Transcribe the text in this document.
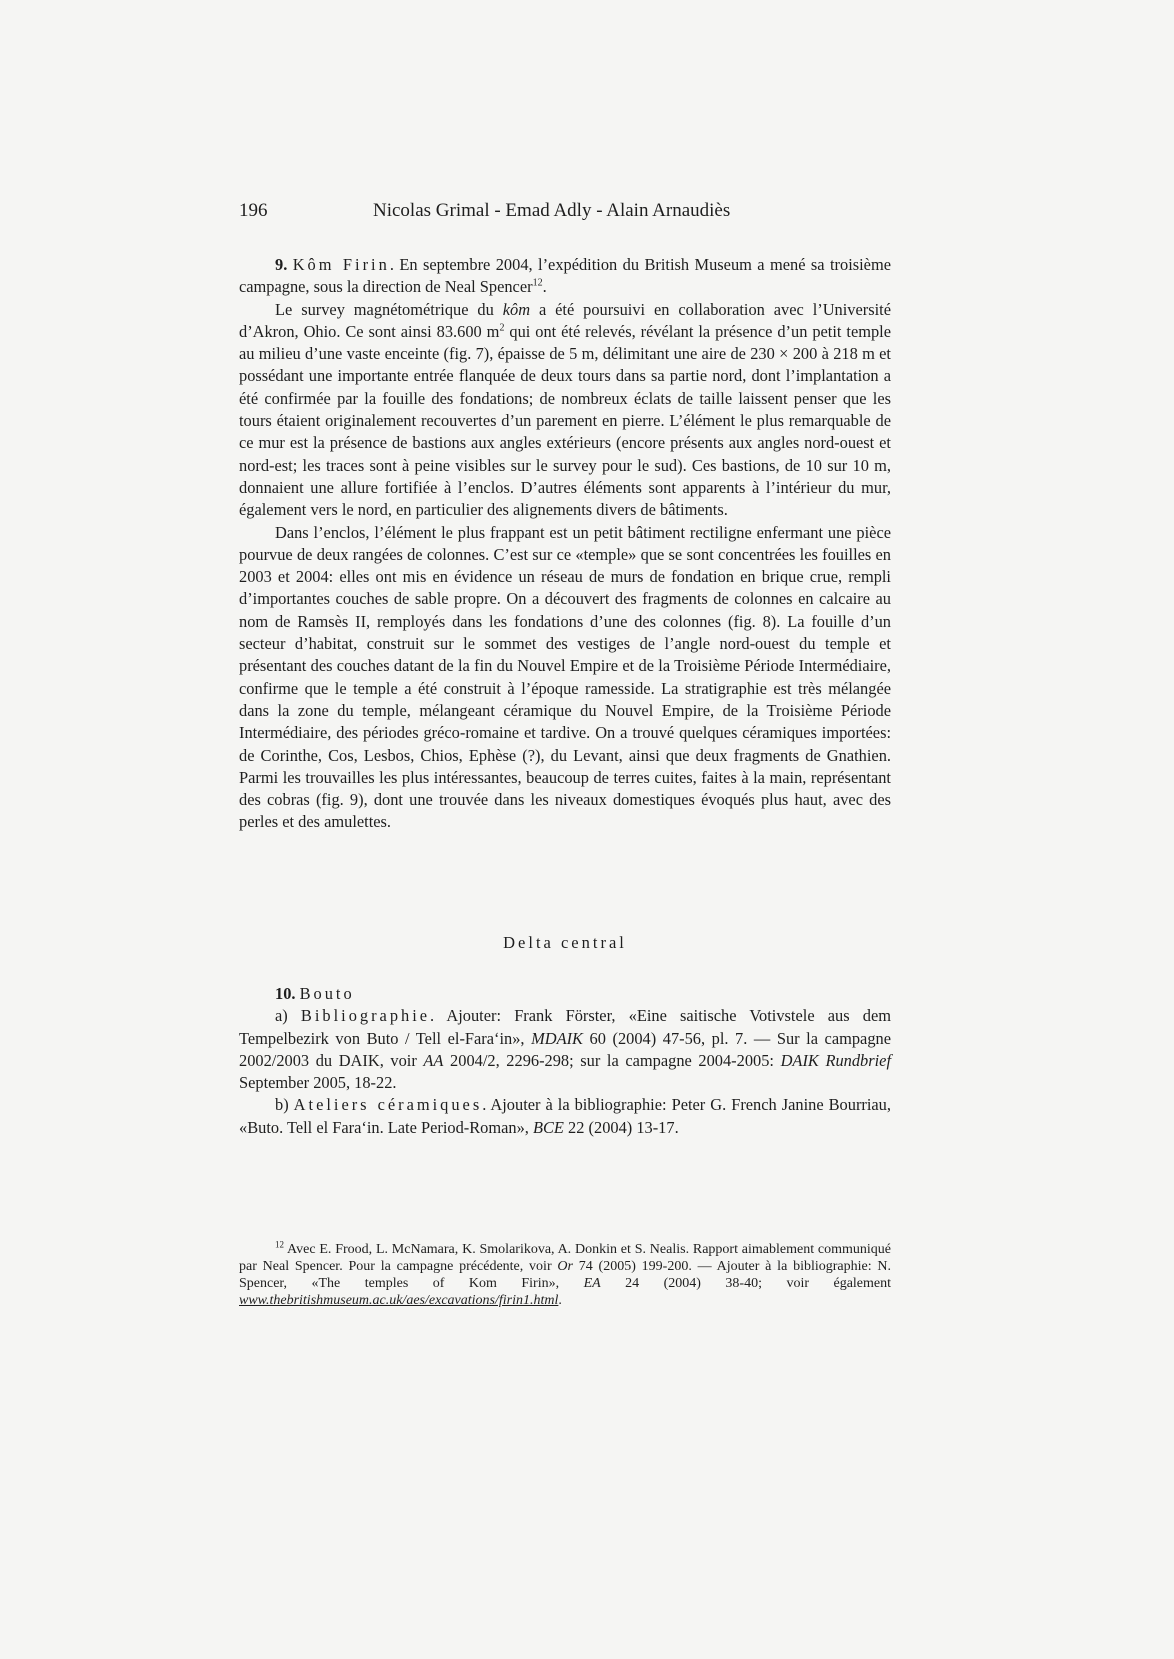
196	Nicolas Grimal - Emad Adly - Alain Arnaudiès

9. Kôm Firin. En septembre 2004, l’expédition du British Museum a mené sa troisième campagne, sous la direction de Neal Spencer$^{12}$.

Le survey magnétométrique du kôm a été poursuivi en collaboration avec l’Université d’Akron, Ohio. Ce sont ainsi 83.600 $m^2$ qui ont été relevés, révélant la présence d’un petit temple au milieu d’une vaste enceinte (fig. 7), épaisse de 5 m, délimitant une aire de 230 × 200 à 218 m et possédant une importante entrée flanquée de deux tours dans sa partie nord, dont l’implantation a été confirmée par la fouille des fondations; de nombreux éclats de taille laissent penser que les tours étaient originalement recouvertes d’un parement en pierre. L’élément le plus remarquable de ce mur est la présence de bastions aux angles extérieurs (encore présents aux angles nord-ouest et nord-est; les traces sont à peine visibles sur le survey pour le sud). Ces bastions, de 10 sur 10 m, donnaient une allure fortifiée à l’enclos. D’autres éléments sont apparents à l’intérieur du mur, également vers le nord, en particulier des alignements divers de bâtiments.

Dans l’enclos, l’élément le plus frappant est un petit bâtiment rectiligne enfermant une pièce pourvue de deux rangées de colonnes. C’est sur ce «temple» que se sont concentrées les fouilles en 2003 et 2004: elles ont mis en évidence un réseau de murs de fondation en brique crue, rempli d’importantes couches de sable propre. On a découvert des fragments de colonnes en calcaire au nom de Ramsès II, remployés dans les fondations d’une des colonnes (fig. 8). La fouille d’un secteur d’habitat, construit sur le sommet des vestiges de l’angle nord-ouest du temple et présentant des couches datant de la fin du Nouvel Empire et de la Troisième Période Intermédiaire, confirme que le temple a été construit à l’époque ramesside. La stratigraphie est très mélangée dans la zone du temple, mélangeant céramique du Nouvel Empire, de la Troisième Période Intermédiaire, des périodes gréco-romaine et tardive. On a trouvé quelques céramiques importées: de Corinthe, Cos, Lesbos, Chios, Ephèse (?), du Levant, ainsi que deux fragments de Gnathien. Parmi les trouvailles les plus intéressantes, beaucoup de terres cuites, faites à la main, représentant des cobras (fig. 9), dont une trouvée dans les niveaux domestiques évoqués plus haut, avec des perles et des amulettes.

Delta central

10. Bouto

a) Bibliographie. Ajouter: Frank Förster, «Eine saitische Votivstele aus dem Tempelbezirk von Buto / Tell el-Fara‘in», MDAIK 60 (2004) 47-56, pl. 7. — Sur la campagne 2002/2003 du DAIK, voir AA 2004/2, 2296-298; sur la campagne 2004-2005: DAIK Rundbrief September 2005, 18-22.

b) Ateliers céramiques. Ajouter à la bibliographie: Peter G. French Janine Bourriau, «Buto. Tell el Fara‘in. Late Period-Roman», BCE 22 (2004) 13-17.

$^{12}$ Avec E. Frood, L. McNamara, K. Smolarikova, A. Donkin et S. Nealis. Rapport aimablement communiqué par Neal Spencer. Pour la campagne précédente, voir Or 74 (2005) 199-200. — Ajouter à la bibliographie: N. Spencer, «The temples of Kom Firin», EA 24 (2004) 38-40; voir également www.thebritishmuseum.ac.uk/aes/excavations/firin1.html.
